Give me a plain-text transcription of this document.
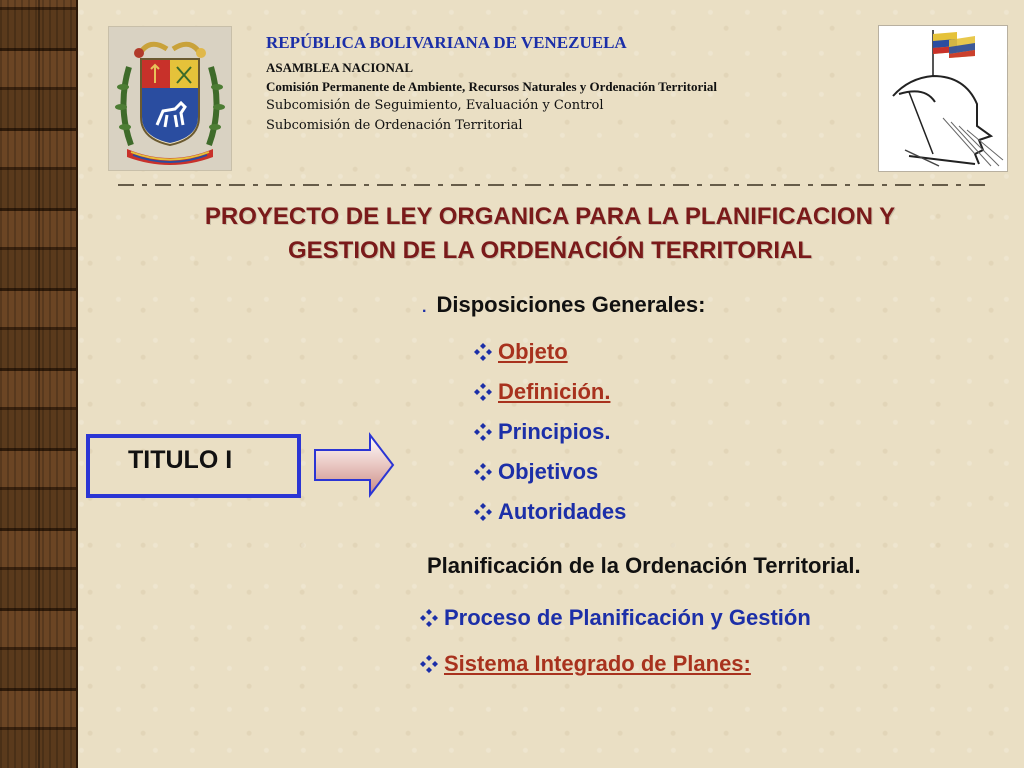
REPÚBLICA BOLIVARIANA DE VENEZUELA
ASAMBLEA NACIONAL
Comisión Permanente de Ambiente, Recursos Naturales y Ordenación Territorial
Subcomisión de Seguimiento, Evaluación y Control
Subcomisión de Ordenación Territorial
PROYECTO DE LEY ORGANICA PARA LA PLANIFICACION Y
GESTION DE LA ORDENACIÓN TERRITORIAL
. Disposiciones Generales:
Objeto
Definición.
Principios.
Objetivos
Autoridades
TITULO I
Planificación de la Ordenación Territorial.
Proceso de Planificación y Gestión
Sistema Integrado de Planes:
